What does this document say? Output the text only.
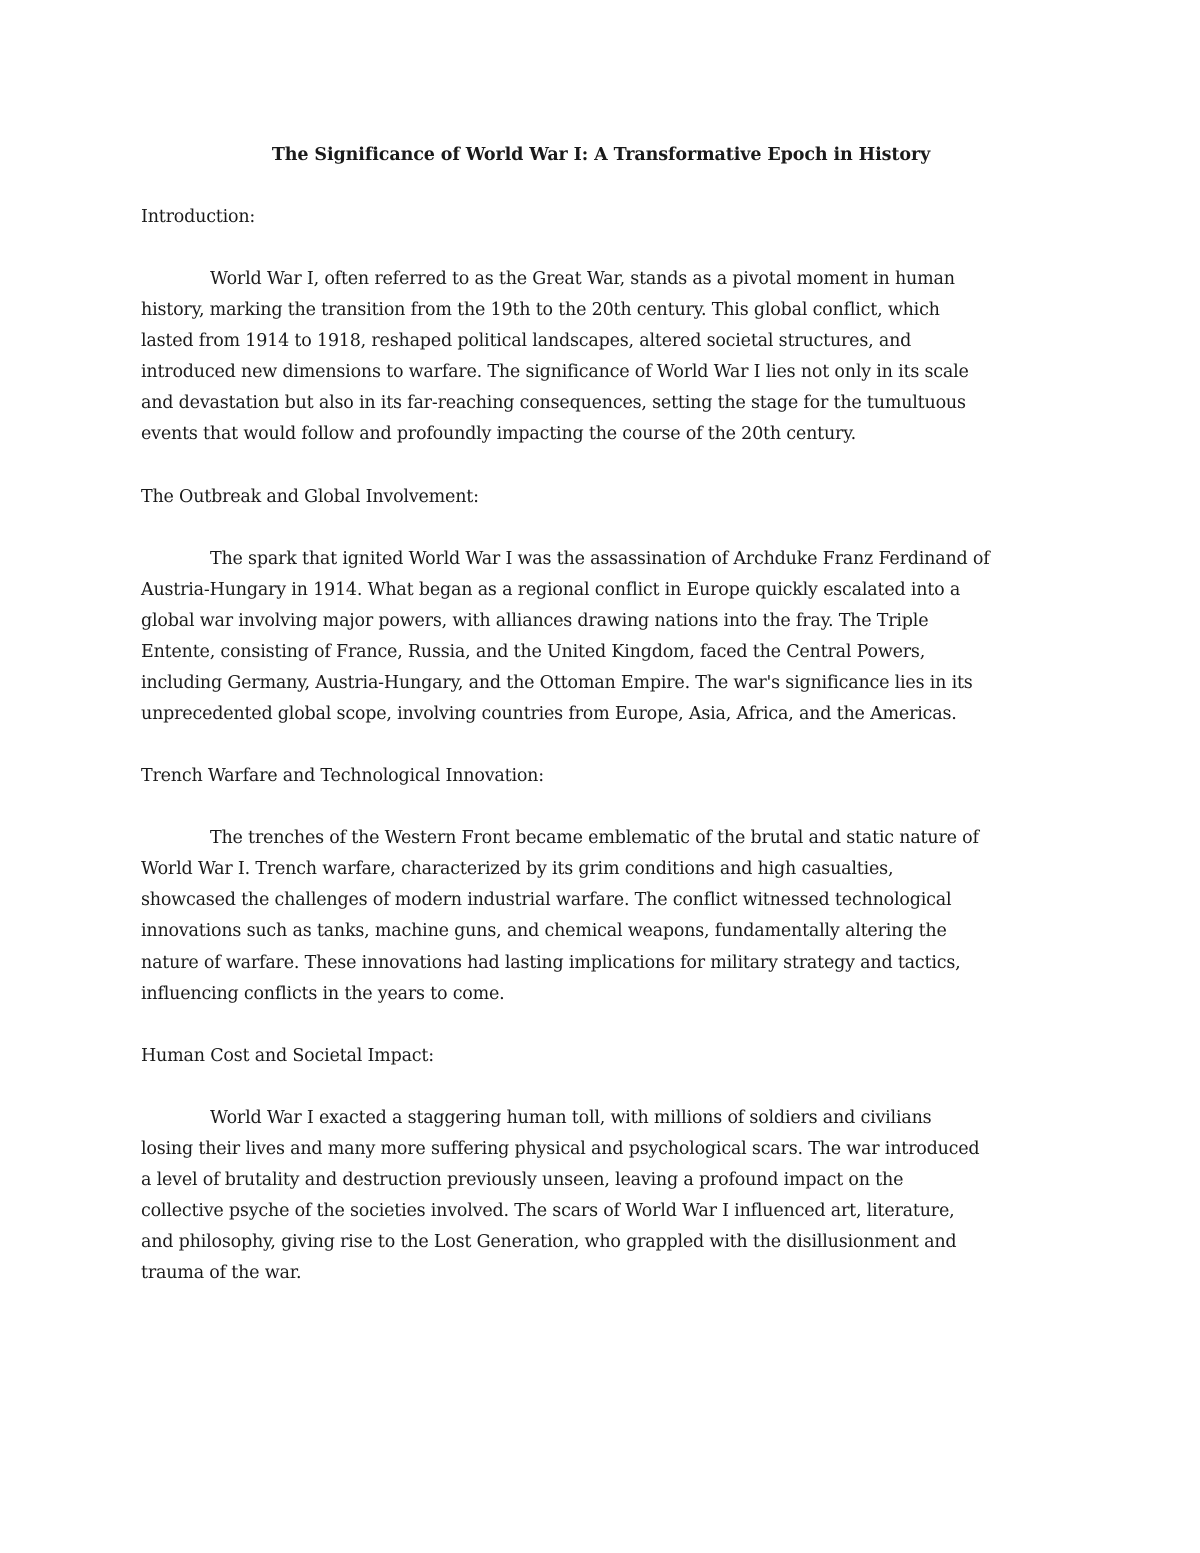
The Significance of World War I: A Transformative Epoch in History
Introduction:

World War I, often referred to as the Great War, stands as a pivotal moment in human
history, marking the transition from the 19th to the 20th century. This global conflict, which
lasted from 1914 to 1918, reshaped political landscapes, altered societal structures, and
introduced new dimensions to warfare. The significance of World War I lies not only in its scale
and devastation but also in its far-reaching consequences, setting the stage for the tumultuous
events that would follow and profoundly impacting the course of the 20th century.

The Outbreak and Global Involvement:

The spark that ignited World War I was the assassination of Archduke Franz Ferdinand of
Austria-Hungary in 1914. What began as a regional conflict in Europe quickly escalated into a
global war involving major powers, with alliances drawing nations into the fray. The Triple
Entente, consisting of France, Russia, and the United Kingdom, faced the Central Powers,
including Germany, Austria-Hungary, and the Ottoman Empire. The war's significance lies in its
unprecedented global scope, involving countries from Europe, Asia, Africa, and the Americas.

Trench Warfare and Technological Innovation:

The trenches of the Western Front became emblematic of the brutal and static nature of
World War I. Trench warfare, characterized by its grim conditions and high casualties,
showcased the challenges of modern industrial warfare. The conflict witnessed technological
innovations such as tanks, machine guns, and chemical weapons, fundamentally altering the
nature of warfare. These innovations had lasting implications for military strategy and tactics,
influencing conflicts in the years to come.

Human Cost and Societal Impact:

World War I exacted a staggering human toll, with millions of soldiers and civilians
losing their lives and many more suffering physical and psychological scars. The war introduced
a level of brutality and destruction previously unseen, leaving a profound impact on the
collective psyche of the societies involved. The scars of World War I influenced art, literature,
and philosophy, giving rise to the Lost Generation, who grappled with the disillusionment and
trauma of the war.
